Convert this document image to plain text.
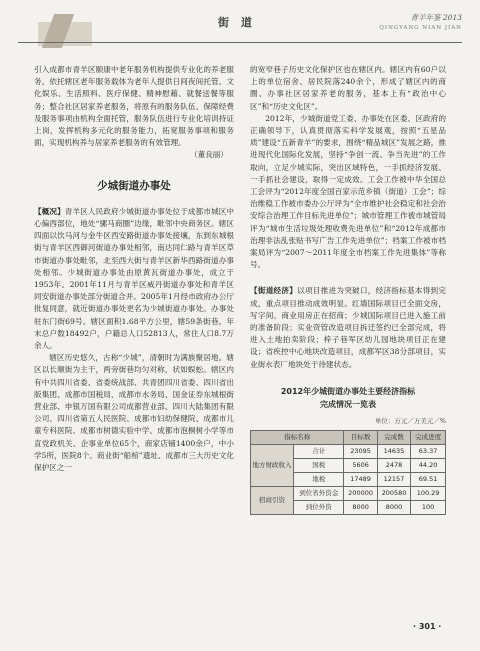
街 道	青羊年鉴 2013
QINGYANG NIAN JIAN

引入成都市青羊区颐康中老年服务机构提供专业化的养老服务，依托辖区老年服务载体为老年人提供日间夜间托管、文化娱乐、生活照料、医疗保健、精神慰藉、就餐送餐等服务；整合社区居家养老服务，将原有的服务队伍、保障经费及服务事项由机构全面托管，服务队伍进行专业化培训持证上岗，发挥机构多元化的服务能力，拓宽服务事项和服务面，实现机构养与居家养老服务的有效管理。

（董良丽）
少城街道办事处

【概况】青羊区人民政府少城街道办事处位于成都市城区中心偏西部位，地处“骡马商圈”边缘，毗邻中央商务区。辖区四面以饮马河与金牛区西安路街道办事处接壤，东到东城根街与青羊区西御河街道办事处相邻，南达同仁路与青羊区草市街道办事处毗邻，北至西大街与青羊区新华西路街道办事处相邻。少城街道办事处由原黄瓦街道办事处，成立于1953年。2001年11月与青羊区威丹街道办事处和青羊区同安街道办事处部分街道合并。2005年1月经市政府办公厅批复同意，就近街道办事处更名为少城街道办事处。办事处驻东门街69号。辖区面积1.68平方公里，辖59条街巷。年末总户数18492户，户籍总人口52813人，常住人口8.7万余人。

辖区历史悠久，古称“少城”，清朝时为满族聚居地。辖区以长顺街为主干，两旁街巷均匀对称，状如蜈蚣。辖区内有中共四川省委、省委统战部、共青团四川省委、四川省出版集团、成都市国税局、成都市水务局、国金证券东城根街营业部、申银万国有限公司成都营业部、四川大陆集团有限公司、四川省第五人民医院、成都市妇幼保健院、成都市儿童专科医院、成都市树德实验中学、成都市泡桐树小学等市直党政机关、企事业单位65个，商家店铺1400余户，中小学5所，医院8个。商业街“船棺”遗址、成都市三大历史文化保护区之一

的宽窄巷子历史文化保护区也在辖区内。辖区内有60户以上的单位宿舍、居民院落240余个，形成了辖区内的商圈、办事社区居家养老的服务，基本上有“政治中心区”和“历史文化区”。

2012年，少城街道党工委、办事处在区委、区政府的正确领导下，认真贯彻落实科学发展观，按照“五星品质”建设“五新青羊”的要求，围绕“精品城区”发展之路，推进现代化国际化发展，坚持“争创一流、争当先进”的工作取向，立足少城实际，突出区域特色，一手抓经济发展、一手抓社会建设，取得一定成效。工会工作被中华全国总工会评为“2012年度全国百家示范乡镇（街道）工会”；综治维稳工作被市委办公厅评为“全市维护社会稳定和社会治安综合治理工作目标先进单位”；城市管理工作被市城管局评为“城市生活垃圾处理收费先进单位”和“2012年成都市治理非法乱张贴书写广告工作先进单位”；档案工作被市档案局评为“2007～2011年度全市档案工作先进集体”等称号。

【街道经济】以项目推进为突破口，经济指标基本得到完成，重点项目推动成效明显。红墙国际项目已全面交房，写字间、商业用房正在招商；少城国际项目已进入施工前的准备阶段；实业资管改造项目拆迁签约已全部完成，将进入土地拍卖阶段；梓子巷军区幼儿园地块项目正在建设；省疾控中心地块改造项目，成都军区38分部项目，实业街水表厂地块处于待建状态。

2012年少城街道办事处主要经济指标
完成情况一览表
单位：万元／万美元／%
指标名称		目标数	完成数	完成进度
地方财政收入	合计	23095	14635	63.37
	国税	5606	2478	44.20
	地税	17489	12157	69.51
招商引资	到位省外资金	200000	200580	100.29
	到位外资	8000	8000	100
· 301 ·
